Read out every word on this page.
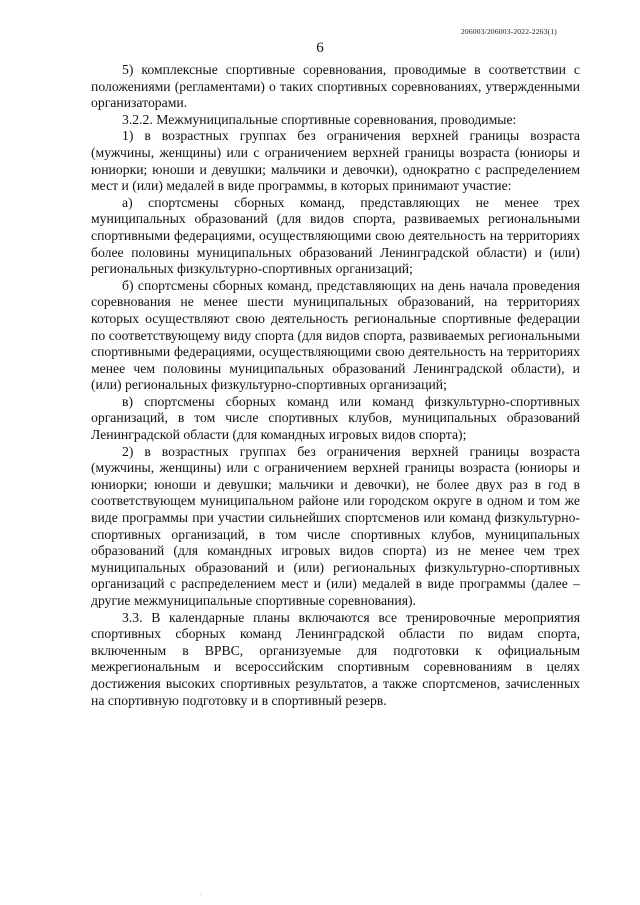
206003/206003-2022-2263(1)
6

5) комплексные спортивные соревнования, проводимые в соответствии с положениями (регламентами) о таких спортивных соревнованиях, утвержденными организаторами.

3.2.2. Межмуниципальные спортивные соревнования, проводимые:

1) в возрастных группах без ограничения верхней границы возраста (мужчины, женщины) или с ограничением верхней границы возраста (юниоры и юниорки; юноши и девушки; мальчики и девочки), однократно с распределением мест и (или) медалей в виде программы, в которых принимают участие:

а) спортсмены сборных команд, представляющих не менее трех муниципальных образований (для видов спорта, развиваемых региональными спортивными федерациями, осуществляющими свою деятельность на территориях более половины муниципальных образований Ленинградской области) и (или) региональных физкультурно-спортивных организаций;

б) спортсмены сборных команд, представляющих на день начала проведения соревнования не менее шести муниципальных образований, на территориях которых осуществляют свою деятельность региональные спортивные федерации по соответствующему виду спорта (для видов спорта, развиваемых региональными спортивными федерациями, осуществляющими свою деятельность на территориях менее чем половины муниципальных образований Ленинградской области), и (или) региональных физкультурно-спортивных организаций;

в) спортсмены сборных команд или команд физкультурно-спортивных организаций, в том числе спортивных клубов, муниципальных образований Ленинградской области (для командных игровых видов спорта);

2) в возрастных группах без ограничения верхней границы возраста (мужчины, женщины) или с ограничением верхней границы возраста (юниоры и юниорки; юноши и девушки; мальчики и девочки), не более двух раз в год в соответствующем муниципальном районе или городском округе в одном и том же виде программы при участии сильнейших спортсменов или команд физкультурно-спортивных организаций, в том числе спортивных клубов, муниципальных образований (для командных игровых видов спорта) из не менее чем трех муниципальных образований и (или) региональных физкультурно-спортивных организаций с распределением мест и (или) медалей в виде программы (далее – другие межмуниципальные спортивные соревнования).

3.3. В календарные планы включаются все тренировочные мероприятия спортивных сборных команд Ленинградской области по видам спорта, включенным в ВРВС, организуемые для подготовки к официальным межрегиональным и всероссийским спортивным соревнованиям в целях достижения высоких спортивных результатов, а также спортсменов, зачисленных на спортивную подготовку и в спортивный резерв.

.
